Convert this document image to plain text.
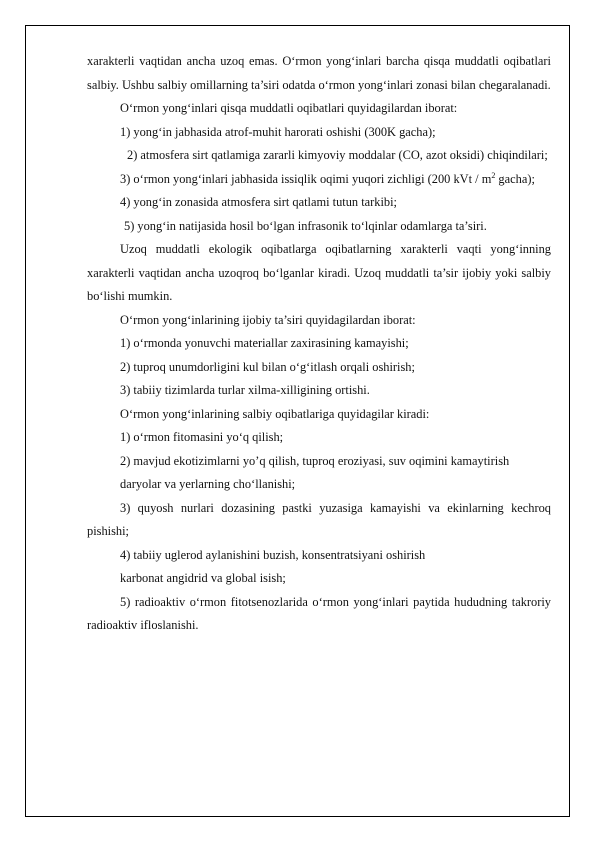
xarakterli vaqtidan ancha uzoq emas. O‘rmon yong‘inlari barcha qisqa muddatli oqibatlari salbiy. Ushbu salbiy omillarning ta’siri odatda o‘rmon yong‘inlari zonasi bilan chegaralanadi.

O‘rmon yong‘inlari qisqa muddatli oqibatlari quyidagilardan iborat:

1) yong‘in jabhasida atrof-muhit harorati oshishi (300K gacha);

2) atmosfera sirt qatlamiga zararli kimyoviy moddalar (CO, azot oksidi) chiqindilari;

3) o‘rmon yong‘inlari jabhasida issiqlik oqimi yuqori zichligi (200 kVt / $m^2$ gacha);

4) yong‘in zonasida atmosfera sirt qatlami tutun tarkibi;

5) yong‘in natijasida hosil bo‘lgan infrasonik to‘lqinlar odamlarga ta’siri.

Uzoq muddatli ekologik oqibatlarga oqibatlarning xarakterli vaqti yong‘inning xarakterli vaqtidan ancha uzoqroq bo‘lganlar kiradi. Uzoq muddatli ta’sir ijobiy yoki salbiy bo‘lishi mumkin.

O‘rmon yong‘inlarining ijobiy ta’siri quyidagilardan iborat:

1) o‘rmonda yonuvchi materiallar zaxirasining kamayishi;

2) tuproq unumdorligini kul bilan o‘g‘itlash orqali oshirish;

3) tabiiy tizimlarda turlar xilma-xilligining ortishi.

O‘rmon yong‘inlarining salbiy oqibatlariga quyidagilar kiradi:

1) o‘rmon fitomasini yo‘q qilish;

2) mavjud ekotizimlarni yo’q qilish, tuproq eroziyasi, suv oqimini kamaytirish

daryolar va yerlarning cho‘llanishi;

3) quyosh nurlari dozasining pastki yuzasiga kamayishi va ekinlarning kechroq pishishi;

4) tabiiy uglerod aylanishini buzish, konsentratsiyani oshirish

karbonat angidrid va global isish;

5) radioaktiv o‘rmon fitotsenozlarida o‘rmon yong‘inlari paytida hududning takroriy radioaktiv ifloslanishi.
